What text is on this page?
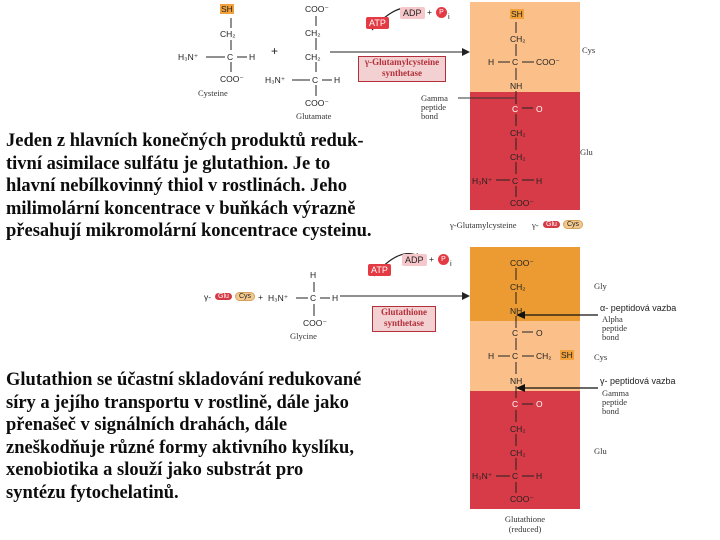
SH
CH₂
H₃N⁺	C H
COO⁻
Cysteine
+
COO⁻
CH₂
CH₂
H₃N⁺	C H
COO⁻
Glutamate
ATP
ADP +	P i
γ-Glutamylcysteine synthetase
SH
CH₂
H C COO⁻
NH
C O
CH₂
CH₂
H₃N⁺ C H
COO⁻
Cys
Glu
Gamma peptide bond
γ-Glutamylcysteine γ-	Glu	Cys
γ- Glu	Cys +
H
H₃N⁺	C H
COO⁻
Glycine
ATP
ADP +	P i
Glutathione synthetase
COO⁻
CH₂
NH
C O
H C CH₂ SH
NH
C O
CH₂
CH₂
H₃N⁺ C H
COO⁻
Gly
Cys
Glu
α- peptidová vazba
Alpha peptide bond
γ- peptidová vazba
Gamma peptide bond
Glutathione (reduced)
Jeden z hlavních konečných produktů reduk-
tivní asimilace sulfátu je glutathion. Je to
hlavní nebílkovinný thiol v rostlinách. Jeho
milimolární koncentrace v buňkách výrazně
přesahují mikromolární koncentrace cysteinu.
Glutathion se účastní skladování redukované
síry a jejího transportu v rostlině, dále jako
přenašeč v signálních drahách, dále
zneškodňuje různé formy aktivního kyslíku,
xenobiotika a slouží jako substrát pro
syntézu fytochelatinů.
